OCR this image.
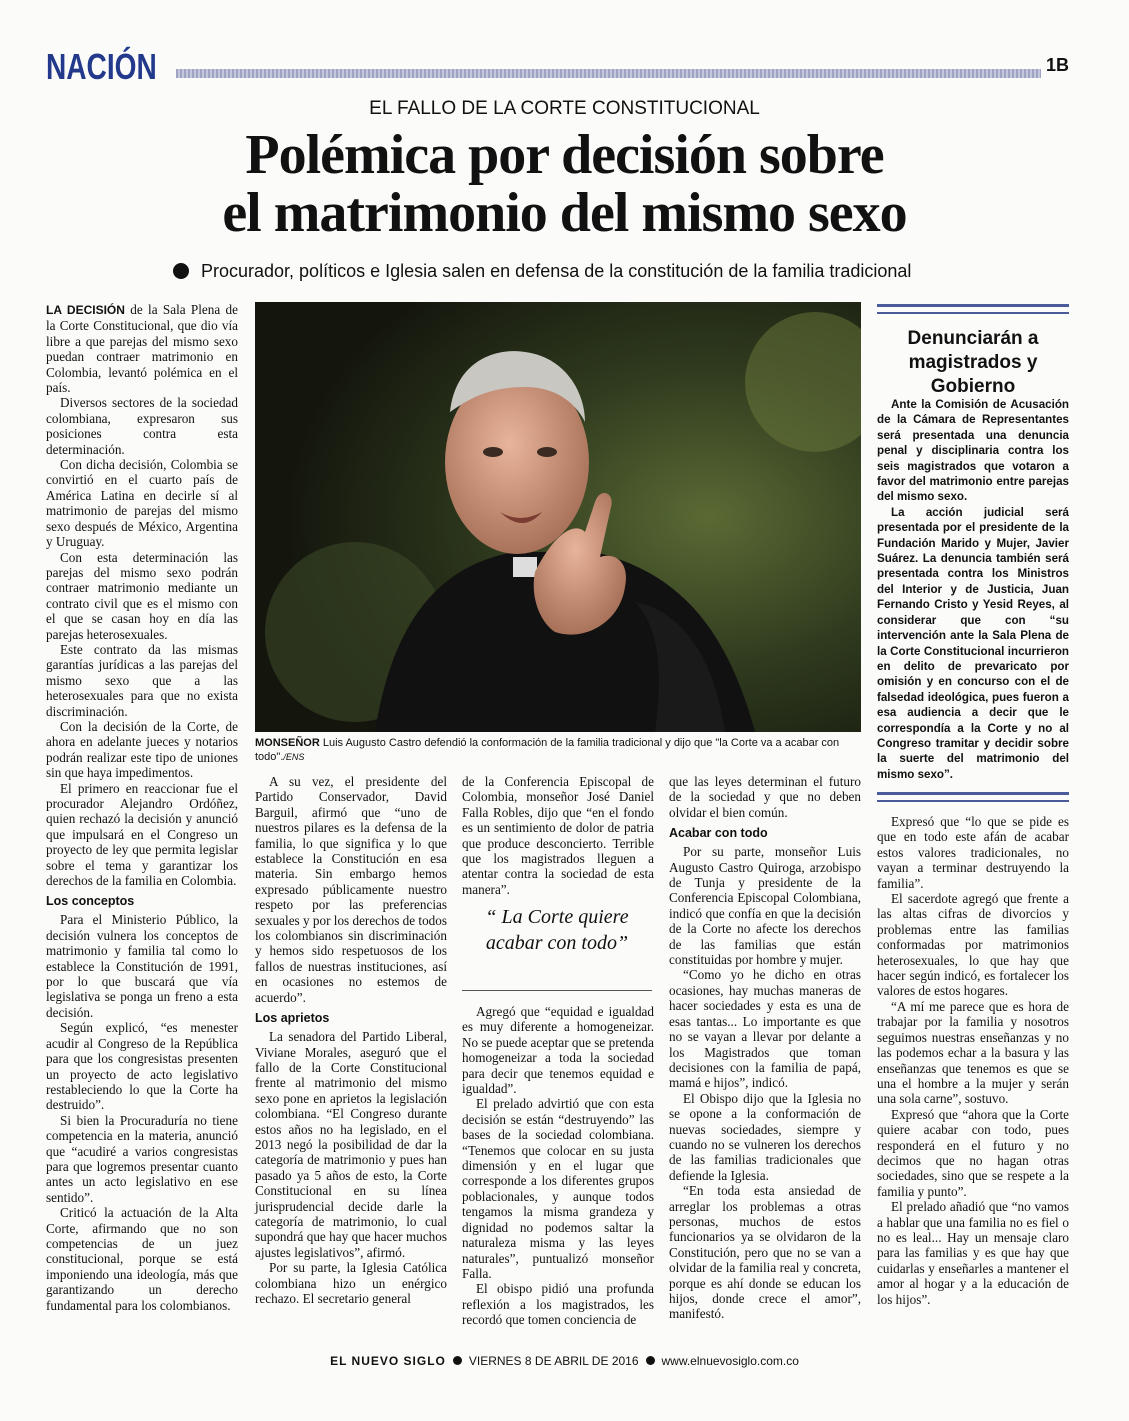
NACIÓN	1B
EL FALLO DE LA CORTE CONSTITUCIONAL
Polémica por decisión sobre
el matrimonio del mismo sexo
Procurador, políticos e Iglesia salen en defensa de la constitución de la familia tradicional

LA DECISIÓN de la Sala Plena de la Corte Constitucional, que dio vía libre a que parejas del mismo sexo puedan contraer matrimonio en Colombia, levantó polémica en el país.

Diversos sectores de la sociedad colombiana, expresaron sus posiciones contra esta determinación.

Con dicha decisión, Colombia se convirtió en el cuarto país de América Latina en decirle sí al matrimonio de parejas del mismo sexo después de México, Argentina y Uruguay.

Con esta determinación las parejas del mismo sexo podrán contraer matrimonio mediante un contrato civil que es el mismo con el que se casan hoy en día las parejas heterosexuales.

Este contrato da las mismas garantías jurídicas a las parejas del mismo sexo que a las heterosexuales para que no exista discriminación.

Con la decisión de la Corte, de ahora en adelante jueces y notarios podrán realizar este tipo de uniones sin que haya impedimentos.

El primero en reaccionar fue el procurador Alejandro Ordóñez, quien rechazó la decisión y anunció que impulsará en el Congreso un proyecto de ley que permita legislar sobre el tema y garantizar los derechos de la familia en Colombia.

Los conceptos

Para el Ministerio Público, la decisión vulnera los conceptos de matrimonio y familia tal como lo establece la Constitución de 1991, por lo que buscará que vía legislativa se ponga un freno a esta decisión.

Según explicó, “es menester acudir al Congreso de la República para que los congresistas presenten un proyecto de acto legislativo restableciendo lo que la Corte ha destruido”.

Si bien la Procuraduría no tiene competencia en la materia, anunció que “acudiré a varios congresistas para que logremos presentar cuanto antes un acto legislativo en ese sentido”.

Criticó la actuación de la Alta Corte, afirmando que no son competencias de un juez constitucional, porque se está imponiendo una ideología, más que garantizando un derecho fundamental para los colombianos.

MONSEÑOR Luis Augusto Castro defendió la conformación de la familia tradicional y dijo que "la Corte va a acabar con todo"./ENS

A su vez, el presidente del Partido Conservador, David Barguil, afirmó que “uno de nuestros pilares es la defensa de la familia, lo que significa y lo que establece la Constitución en esa materia. Sin embargo hemos expresado públicamente nuestro respeto por las preferencias sexuales y por los derechos de todos los colombianos sin discriminación y hemos sido respetuosos de los fallos de nuestras instituciones, así en ocasiones no estemos de acuerdo”.

Los aprietos

La senadora del Partido Liberal, Viviane Morales, aseguró que el fallo de la Corte Constitucional frente al matrimonio del mismo sexo pone en aprietos la legislación colombiana. “El Congreso durante estos años no ha legislado, en el 2013 negó la posibilidad de dar la categoría de matrimonio y pues han pasado ya 5 años de esto, la Corte Constitucional en su línea jurisprudencial decide darle la categoría de matrimonio, lo cual supondrá que hay que hacer muchos ajustes legislativos”, afirmó.

Por su parte, la Iglesia Católica colombiana hizo un enérgico rechazo. El secretario general

de la Conferencia Episcopal de Colombia, monseñor José Daniel Falla Robles, dijo que “en el fondo es un sentimiento de dolor de patria que produce desconcierto. Terrible que los magistrados lleguen a atentar contra la sociedad de esta manera”.

“ La Corte quiere acabar con todo”

Agregó que “equidad e igualdad es muy diferente a homogeneizar. No se puede aceptar que se pretenda homogeneizar a toda la sociedad para decir que tenemos equidad e igualdad”.

El prelado advirtió que con esta decisión se están “destruyendo” las bases de la sociedad colombiana. “Tenemos que colocar en su justa dimensión y en el lugar que corresponde a los diferentes grupos poblacionales, y aunque todos tengamos la misma grandeza y dignidad no podemos saltar la naturaleza misma y las leyes naturales”, puntualizó monseñor Falla.

El obispo pidió una profunda reflexión a los magistrados, les recordó que tomen conciencia de

que las leyes determinan el futuro de la sociedad y que no deben olvidar el bien común.

Acabar con todo

Por su parte, monseñor Luis Augusto Castro Quiroga, arzobispo de Tunja y presidente de la Conferencia Episcopal Colombiana, indicó que confía en que la decisión de la Corte no afecte los derechos de las familias que están constituidas por hombre y mujer.

“Como yo he dicho en otras ocasiones, hay muchas maneras de hacer sociedades y esta es una de esas tantas... Lo importante es que no se vayan a llevar por delante a los Magistrados que toman decisiones con la familia de papá, mamá e hijos”, indicó.

El Obispo dijo que la Iglesia no se opone a la conformación de nuevas sociedades, siempre y cuando no se vulneren los derechos de las familias tradicionales que defiende la Iglesia.

“En toda esta ansiedad de arreglar los problemas a otras personas, muchos de estos funcionarios ya se olvidaron de la Constitución, pero que no se van a olvidar de la familia real y concreta, porque es ahí donde se educan los hijos, donde crece el amor”, manifestó.

Denunciarán a magistrados y Gobierno

Ante la Comisión de Acusación de la Cámara de Representantes será presentada una denuncia penal y disciplinaria contra los seis magistrados que votaron a favor del matrimonio entre parejas del mismo sexo.

La acción judicial será presentada por el presidente de la Fundación Marido y Mujer, Javier Suárez. La denuncia también será presentada contra los Ministros del Interior y de Justicia, Juan Fernando Cristo y Yesid Reyes, al considerar que con “su intervención ante la Sala Plena de la Corte Constitucional incurrieron en delito de prevaricato por omisión y en concurso con el de falsedad ideológica, pues fueron a esa audiencia a decir que le correspondía a la Corte y no al Congreso tramitar y decidir sobre la suerte del matrimonio del mismo sexo”.

Expresó que “lo que se pide es que en todo este afán de acabar estos valores tradicionales, no vayan a terminar destruyendo la familia”.

El sacerdote agregó que frente a las altas cifras de divorcios y problemas entre las familias conformadas por matrimonios heterosexuales, lo que hay que hacer según indicó, es fortalecer los valores de estos hogares.

“A mí me parece que es hora de trabajar por la familia y nosotros seguimos nuestras enseñanzas y no las podemos echar a la basura y las enseñanzas que tenemos es que se una el hombre a la mujer y serán una sola carne”, sostuvo.

Expresó que “ahora que la Corte quiere acabar con todo, pues responderá en el futuro y no decimos que no hagan otras sociedades, sino que se respete a la familia y punto”.

El prelado añadió que “no vamos a hablar que una familia no es fiel o no es leal... Hay un mensaje claro para las familias y es que hay que cuidarlas y enseñarles a mantener el amor al hogar y a la educación de los hijos”.

EL NUEVO SIGLO VIERNES 8 DE ABRIL DE 2016 www.elnuevosiglo.com.co
